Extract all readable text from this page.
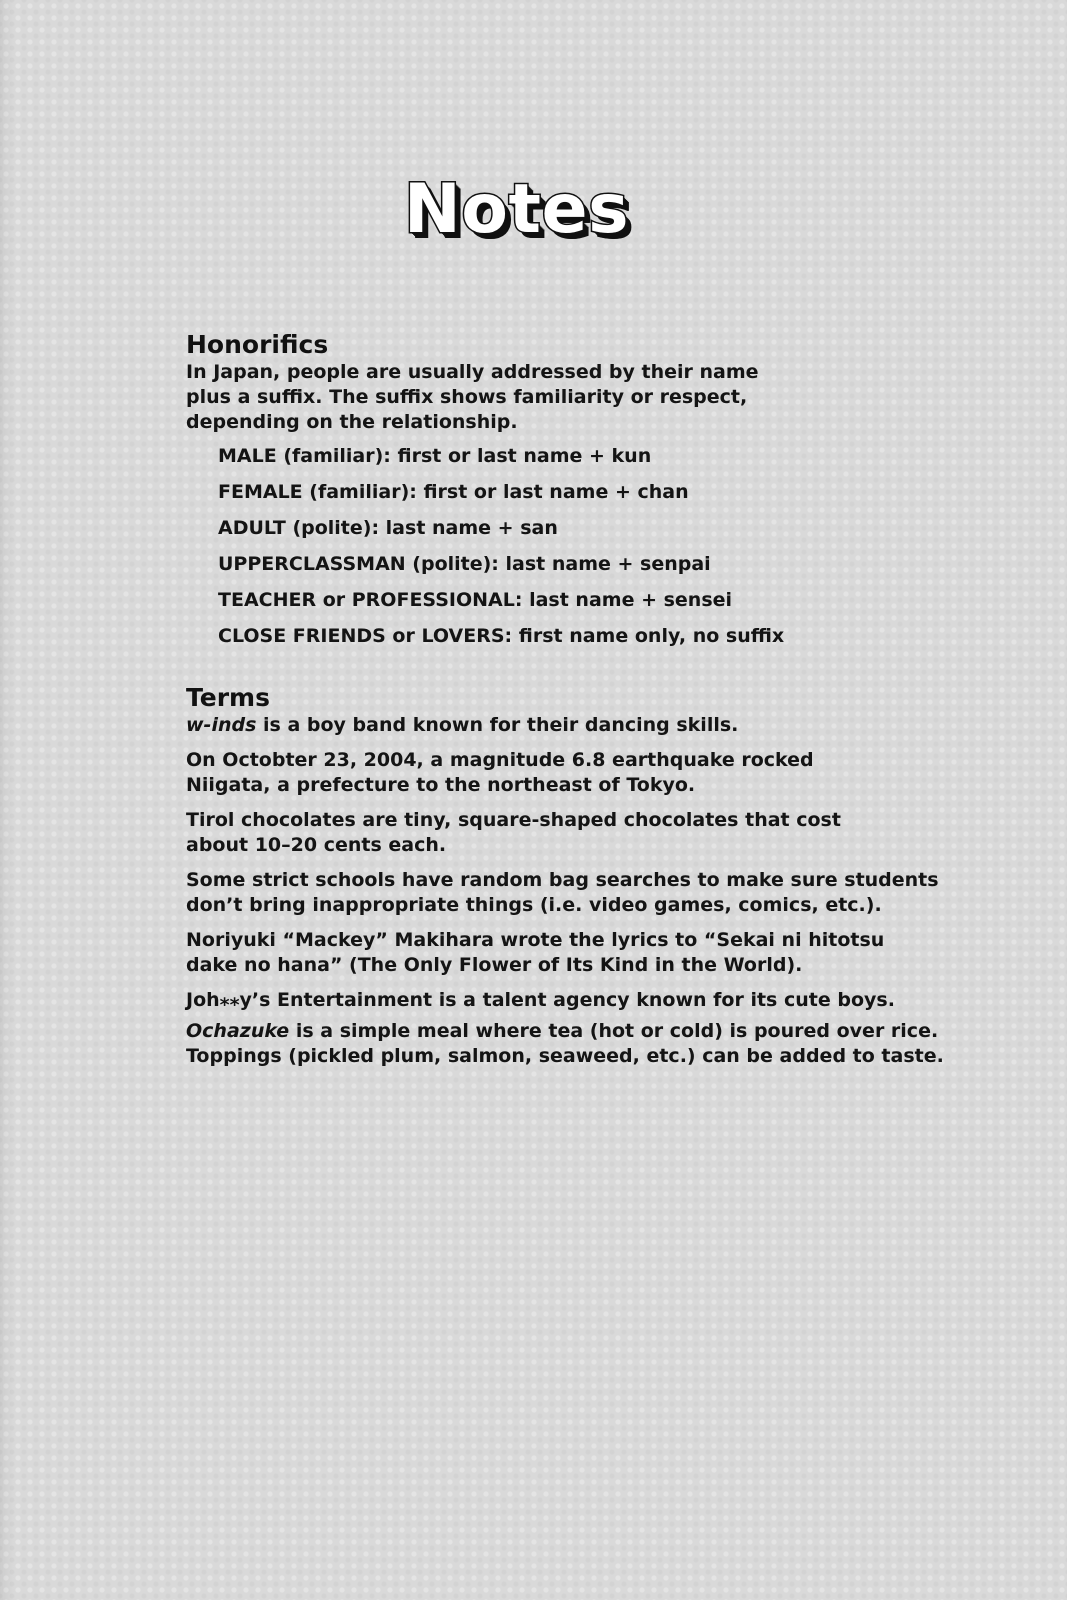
Notes
Honorifics

In Japan, people are usually addressed by their name plus a suffix. The suffix shows familiarity or respect, depending on the relationship.

MALE (familiar): first or last name + kun
FEMALE (familiar): first or last name + chan
ADULT (polite): last name + san
UPPERCLASSMAN (polite): last name + senpai
TEACHER or PROFESSIONAL: last name + sensei
CLOSE FRIENDS or LOVERS: first name only, no suffix
Terms

w-inds is a boy band known for their dancing skills.

On Octobter 23, 2004, a magnitude 6.8 earthquake rocked Niigata, a prefecture to the northeast of Tokyo.

Tirol chocolates are tiny, square-shaped chocolates that cost about 10–20 cents each.

Some strict schools have random bag searches to make sure students don’t bring inappropriate things (i.e. video games, comics, etc.).

Noriyuki “Mackey” Makihara wrote the lyrics to “Sekai ni hitotsu dake no hana” (The Only Flower of Its Kind in the World).

Joh⁎⁎y’s Entertainment is a talent agency known for its cute boys.

Ochazuke is a simple meal where tea (hot or cold) is poured over rice. Toppings (pickled plum, salmon, seaweed, etc.) can be added to taste.
